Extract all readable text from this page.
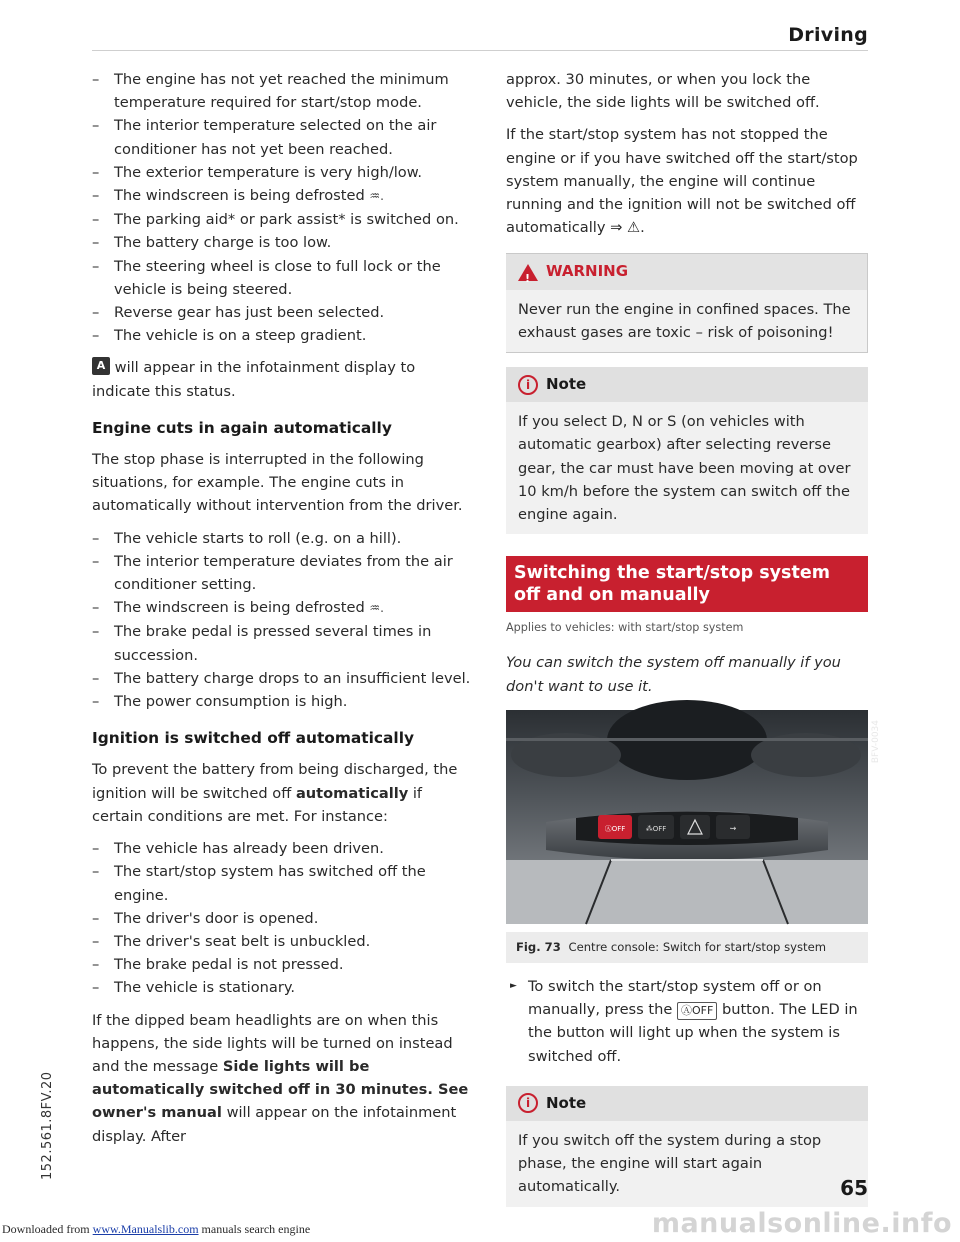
Driving
– The engine has not yet reached the minimum temperature required for start/stop mode.
– The interior temperature selected on the air conditioner has not yet been reached.
– The exterior temperature is very high/low.
– The windscreen is being defrosted ♒.
– The parking aid* or park assist* is switched on.
– The battery charge is too low.
– The steering wheel is close to full lock or the vehicle is being steered.
– Reverse gear has just been selected.
– The vehicle is on a steep gradient.

A will appear in the infotainment display to indicate this status.

Engine cuts in again automatically

The stop phase is interrupted in the following situations, for example. The engine cuts in automatically without intervention from the driver.

– The vehicle starts to roll (e.g. on a hill).
– The interior temperature deviates from the air conditioner setting.
– The windscreen is being defrosted ♒.
– The brake pedal is pressed several times in succession.
– The battery charge drops to an insufficient level.
– The power consumption is high.
Ignition is switched off automatically

To prevent the battery from being discharged, the ignition will be switched off automatically if certain conditions are met. For instance:

– The vehicle has already been driven.
– The start/stop system has switched off the engine.
– The driver's door is opened.
– The driver's seat belt is unbuckled.
– The brake pedal is not pressed.
– The vehicle is stationary.

If the dipped beam headlights are on when this happens, the side lights will be turned on instead and the message Side lights will be automatically switched off in 30 minutes. See owner's manual will appear on the infotainment display. After

approx. 30 minutes, or when you lock the vehicle, the side lights will be switched off.

If the start/stop system has not stopped the engine or if you have switched off the start/stop system manually, the engine will continue running and the ignition will not be switched off automatically ⇒ ⚠.

!
WARNING
Never run the engine in confined spaces. The exhaust gases are toxic – risk of poisoning!
i	Note
If you select D, N or S (on vehicles with automatic gearbox) after selecting reverse gear, the car must have been moving at over 10 km/h before the system can switch off the engine again.
Switching the start/stop system off and on manually
Applies to vehicles: with start/stop system

You can switch the system off manually if you don't want to use it.

ⒶOFF	⁂OFF	⇝
BFV-0034
Fig. 73 Centre console: Switch for start/stop system

► To switch the start/stop system off or on manually, press the ⒶOFF button. The LED in the button will light up when the system is switched off.

i	Note
If you switch off the system during a stop phase, the engine will start again automatically.	65
152.561.8FV.20
manualsonline.info
Downloaded from www.Manualslib.com manuals search engine
